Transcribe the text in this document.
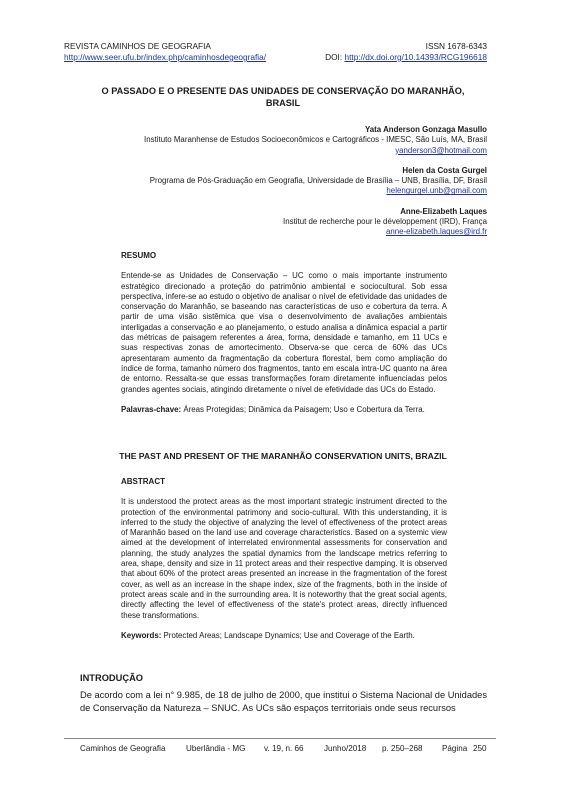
REVISTA CAMINHOS DE GEOGRAFIA
http://www.seer.ufu.br/index.php/caminhosdegeografia/
ISSN 1678-6343
DOI: http://dx.doi.org/10.14393/RCG196618
O PASSADO E O PRESENTE DAS UNIDADES DE CONSERVAÇÃO DO MARANHÃO, BRASIL
Yata Anderson Gonzaga Masullo
Instituto Maranhense de Estudos Socioeconômicos e Cartográficos - IMESC, São Luís, MA, Brasil
yanderson3@hotmail.com
Helen da Costa Gurgel
Programa de Pós-Graduação em Geografia, Universidade de Brasília – UNB, Brasília, DF, Brasil
helengurgel.unb@gmail.com
Anne-Elizabeth Laques
Institut de recherche pour le développement (IRD), França
anne-elizabeth.laques@ird.fr
RESUMO
Entende-se as Unidades de Conservação – UC como o mais importante instrumento estratégico direcionado a proteção do patrimônio ambiental e sociocultural. Sob essa perspectiva, infere-se ao estudo o objetivo de analisar o nível de efetividade das unidades de conservação do Maranhão, se baseando nas características de uso e cobertura da terra. A partir de uma visão sistêmica que visa o desenvolvimento de avaliações ambientais interligadas a conservação e ao planejamento, o estudo analisa a dinâmica espacial a partir das métricas de paisagem referentes a área, forma, densidade e tamanho, em 11 UCs e suas respectivas zonas de amortecimento. Observa-se que cerca de 60% das UCs apresentaram aumento da fragmentação da cobertura florestal, bem como ampliação do índice de forma, tamanho número dos fragmentos, tanto em escala intra-UC quanto na área de entorno. Ressalta-se que essas transformações foram diretamente influenciadas pelos grandes agentes sociais, atingindo diretamente o nível de efetividade das UCs do Estado.
Palavras-chave: Áreas Protegidas; Dinâmica da Paisagem; Uso e Cobertura da Terra.
THE PAST AND PRESENT OF THE MARANHÃO CONSERVATION UNITS, BRAZIL
ABSTRACT
It is understood the protect areas as the most important strategic instrument directed to the protection of the environmental patrimony and socio-cultural. With this understanding, it is inferred to the study the objective of analyzing the level of effectiveness of the protect areas of Maranhão based on the land use and coverage characteristics. Based on a systemic view aimed at the development of interrelated environmental assessments for conservation and planning, the study analyzes the spatial dynamics from the landscape metrics referring to area, shape, density and size in 11 protect areas and their respective damping. It is observed that about 60% of the protect areas presented an increase in the fragmentation of the forest cover, as well as an increase in the shape index, size of the fragments, both in the inside of protect areas scale and in the surrounding area. It is noteworthy that the great social agents, directly affecting the level of effectiveness of the state's protect areas, directly influenced these transformations.
Keywords: Protected Areas; Landscape Dynamics; Use and Coverage of the Earth.
INTRODUÇÃO
De acordo com a lei n° 9.985, de 18 de julho de 2000, que institui o Sistema Nacional de Unidades de Conservação da Natureza – SNUC. As UCs são espaços territoriais onde seus recursos
Caminhos de Geografia	Uberlândia - MG v. 19, n. 66	Junho/2018 p. 250–268 Página 250
